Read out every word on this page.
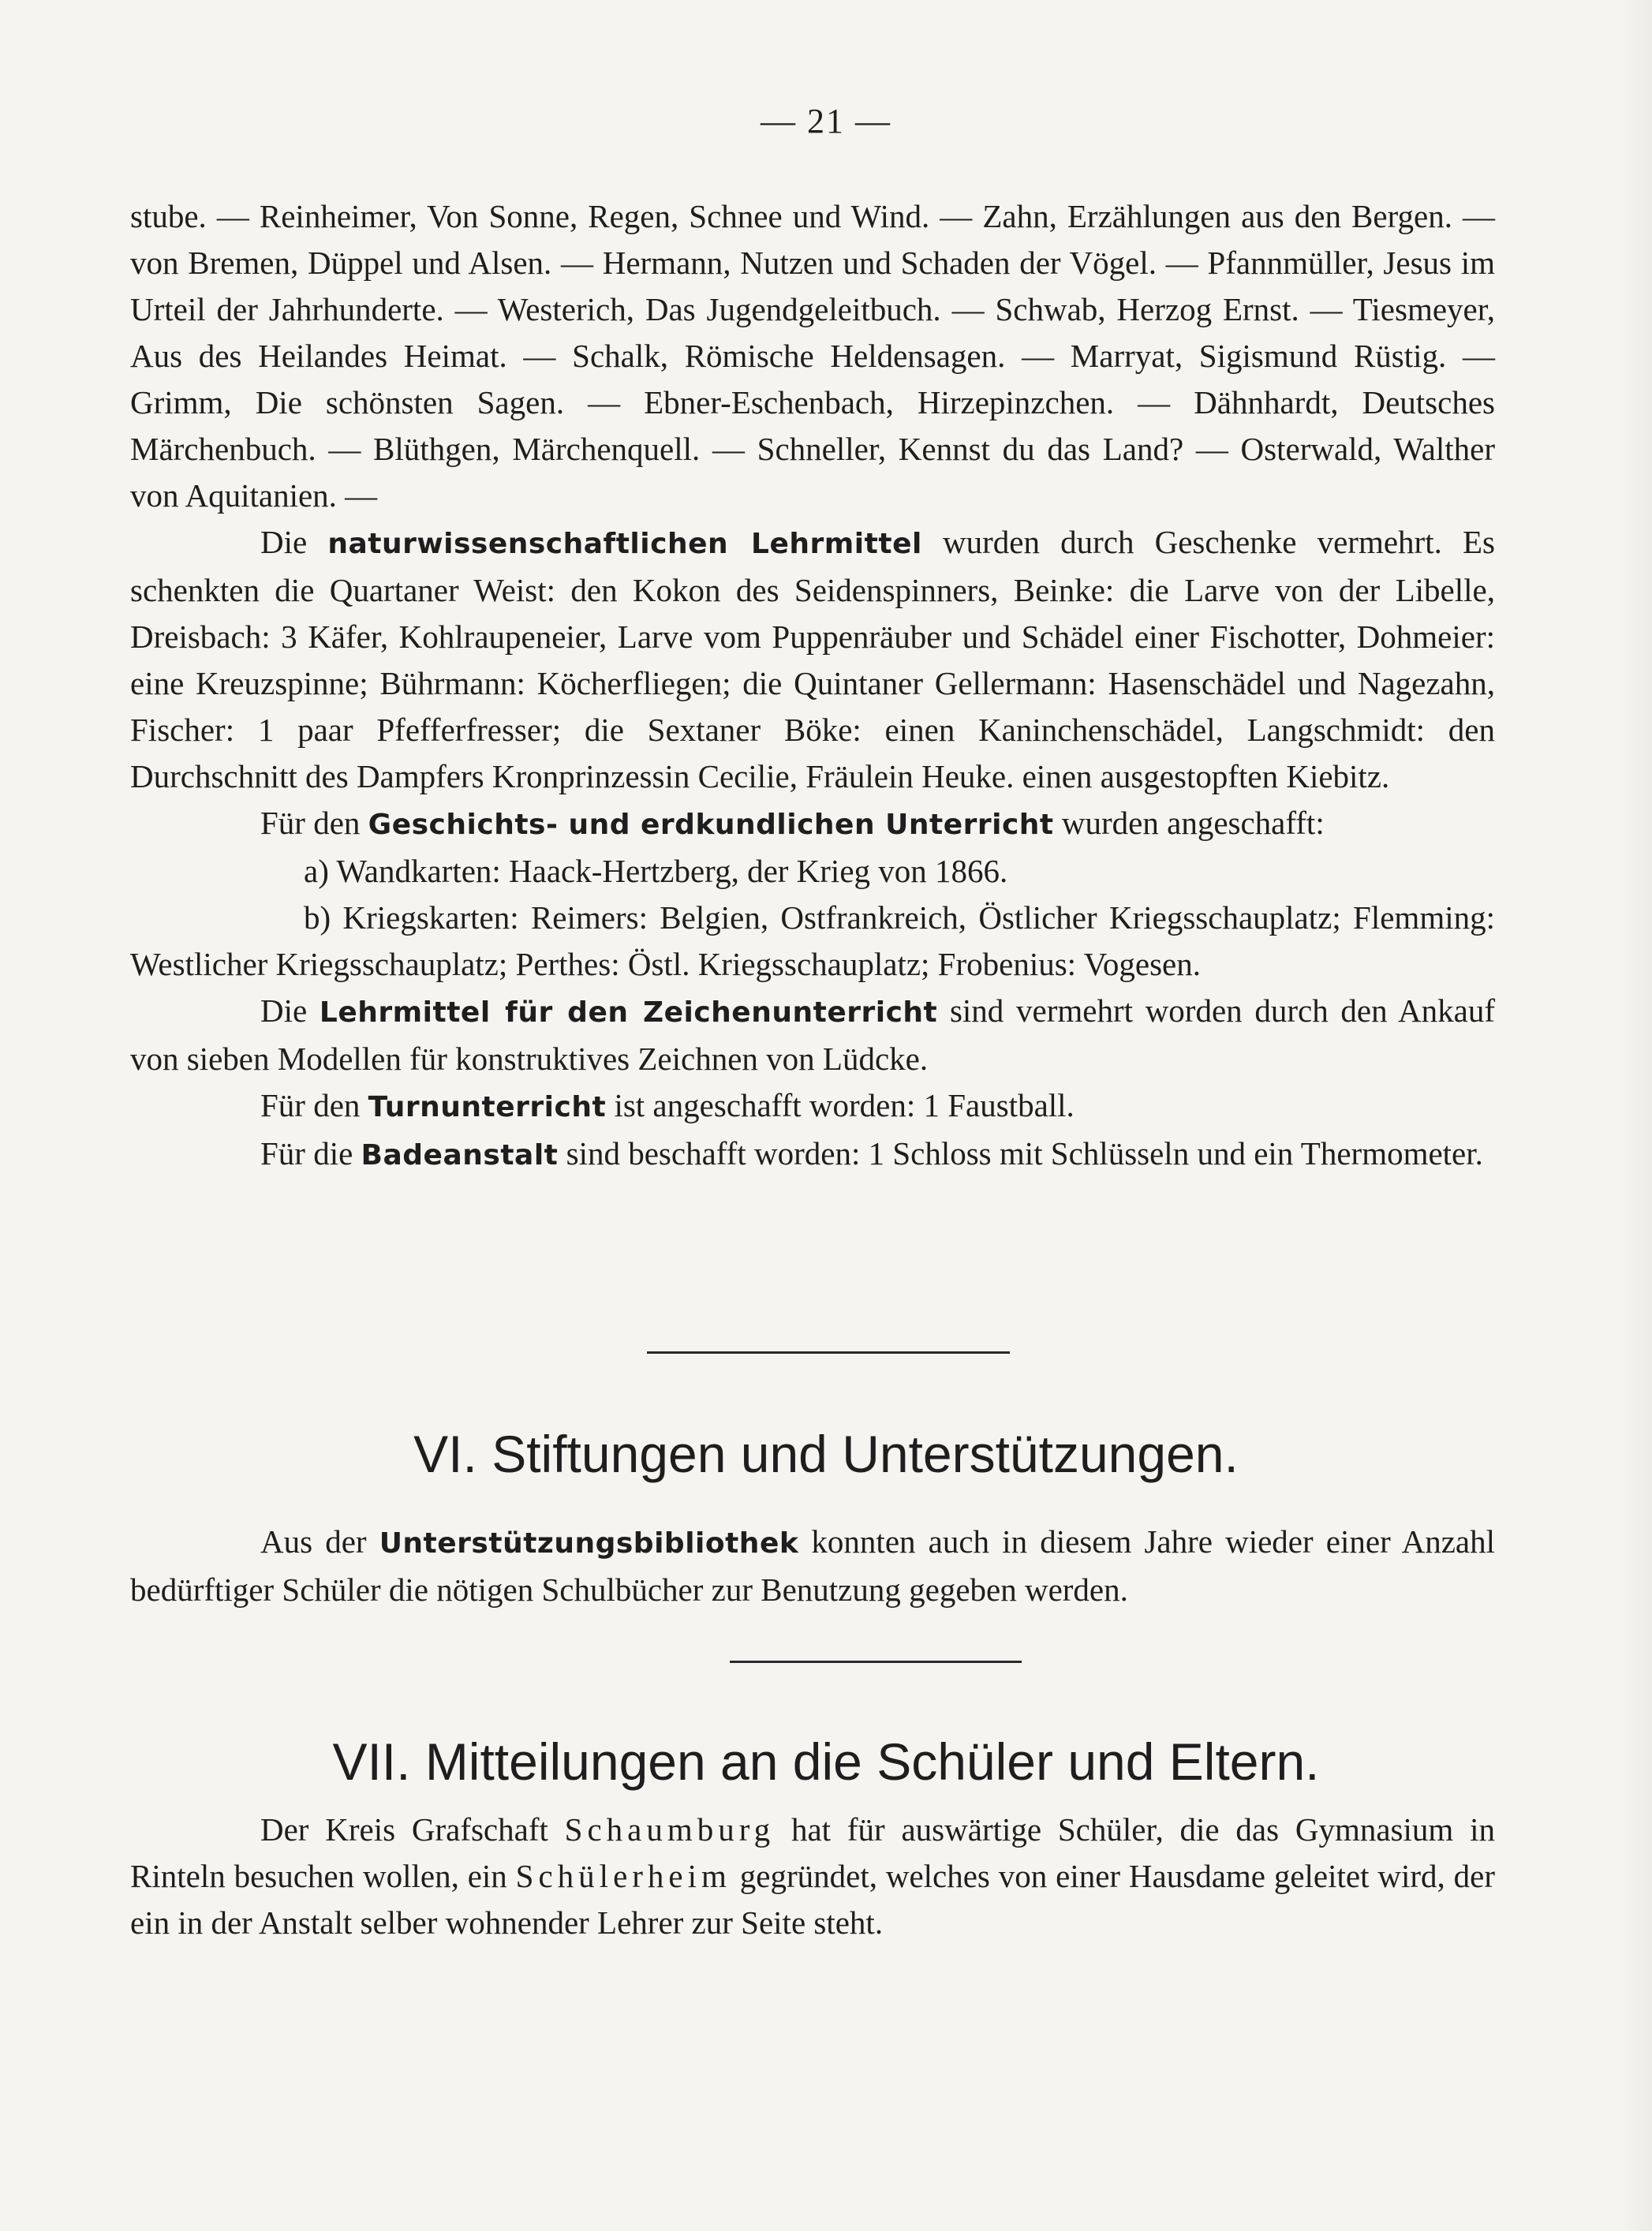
— 21 —

stube. — Reinheimer, Von Sonne, Regen, Schnee und Wind. — Zahn, Erzählungen aus den Bergen. — von Bremen, Düppel und Alsen. — Hermann, Nutzen und Schaden der Vögel. — Pfannmüller, Jesus im Urteil der Jahrhunderte. — Westerich, Das Jugendgeleitbuch. — Schwab, Herzog Ernst. — Tiesmeyer, Aus des Heilandes Heimat. — Schalk, Römische Heldensagen. — Marryat, Sigismund Rüstig. — Grimm, Die schönsten Sagen. — Ebner-Eschenbach, Hirzepinzchen. — Dähnhardt, Deutsches Märchenbuch. — Blüthgen, Märchenquell. — Schneller, Kennst du das Land? — Osterwald, Walther von Aquitanien. —

Die naturwissenschaftlichen Lehrmittel wurden durch Geschenke vermehrt. Es schenkten die Quartaner Weist: den Kokon des Seidenspinners, Beinke: die Larve von der Libelle, Dreisbach: 3 Käfer, Kohlraupeneier, Larve vom Puppenräuber und Schädel einer Fischotter, Dohmeier: eine Kreuzspinne; Bührmann: Köcherfliegen; die Quintaner Gellermann: Hasenschädel und Nagezahn, Fischer: 1 paar Pfefferfresser; die Sextaner Böke: einen Kaninchenschädel, Langschmidt: den Durchschnitt des Dampfers Kronprinzessin Cecilie, Fräulein Heuke. einen ausgestopften Kiebitz.

Für den Geschichts- und erdkundlichen Unterricht wurden angeschafft:

a) Wandkarten: Haack-Hertzberg, der Krieg von 1866.

b) Kriegskarten: Reimers: Belgien, Ostfrankreich, Östlicher Kriegsschauplatz; Flemming: Westlicher Kriegsschauplatz; Perthes: Östl. Kriegsschauplatz; Frobenius: Vogesen.

Die Lehrmittel für den Zeichenunterricht sind vermehrt worden durch den Ankauf von sieben Modellen für konstruktives Zeichnen von Lüdcke.

Für den Turnunterricht ist angeschafft worden: 1 Faustball.

Für die Badeanstalt sind beschafft worden: 1 Schloss mit Schlüsseln und ein Thermometer.

VI. Stiftungen und Unterstützungen.

Aus der Unterstützungsbibliothek konnten auch in diesem Jahre wieder einer Anzahl bedürftiger Schüler die nötigen Schulbücher zur Benutzung gegeben werden.

VII. Mitteilungen an die Schüler und Eltern.

Der Kreis Grafschaft Schaumburg hat für auswärtige Schüler, die das Gymnasium in Rinteln besuchen wollen, ein Schülerheim gegründet, welches von einer Hausdame geleitet wird, der ein in der Anstalt selber wohnender Lehrer zur Seite steht.
